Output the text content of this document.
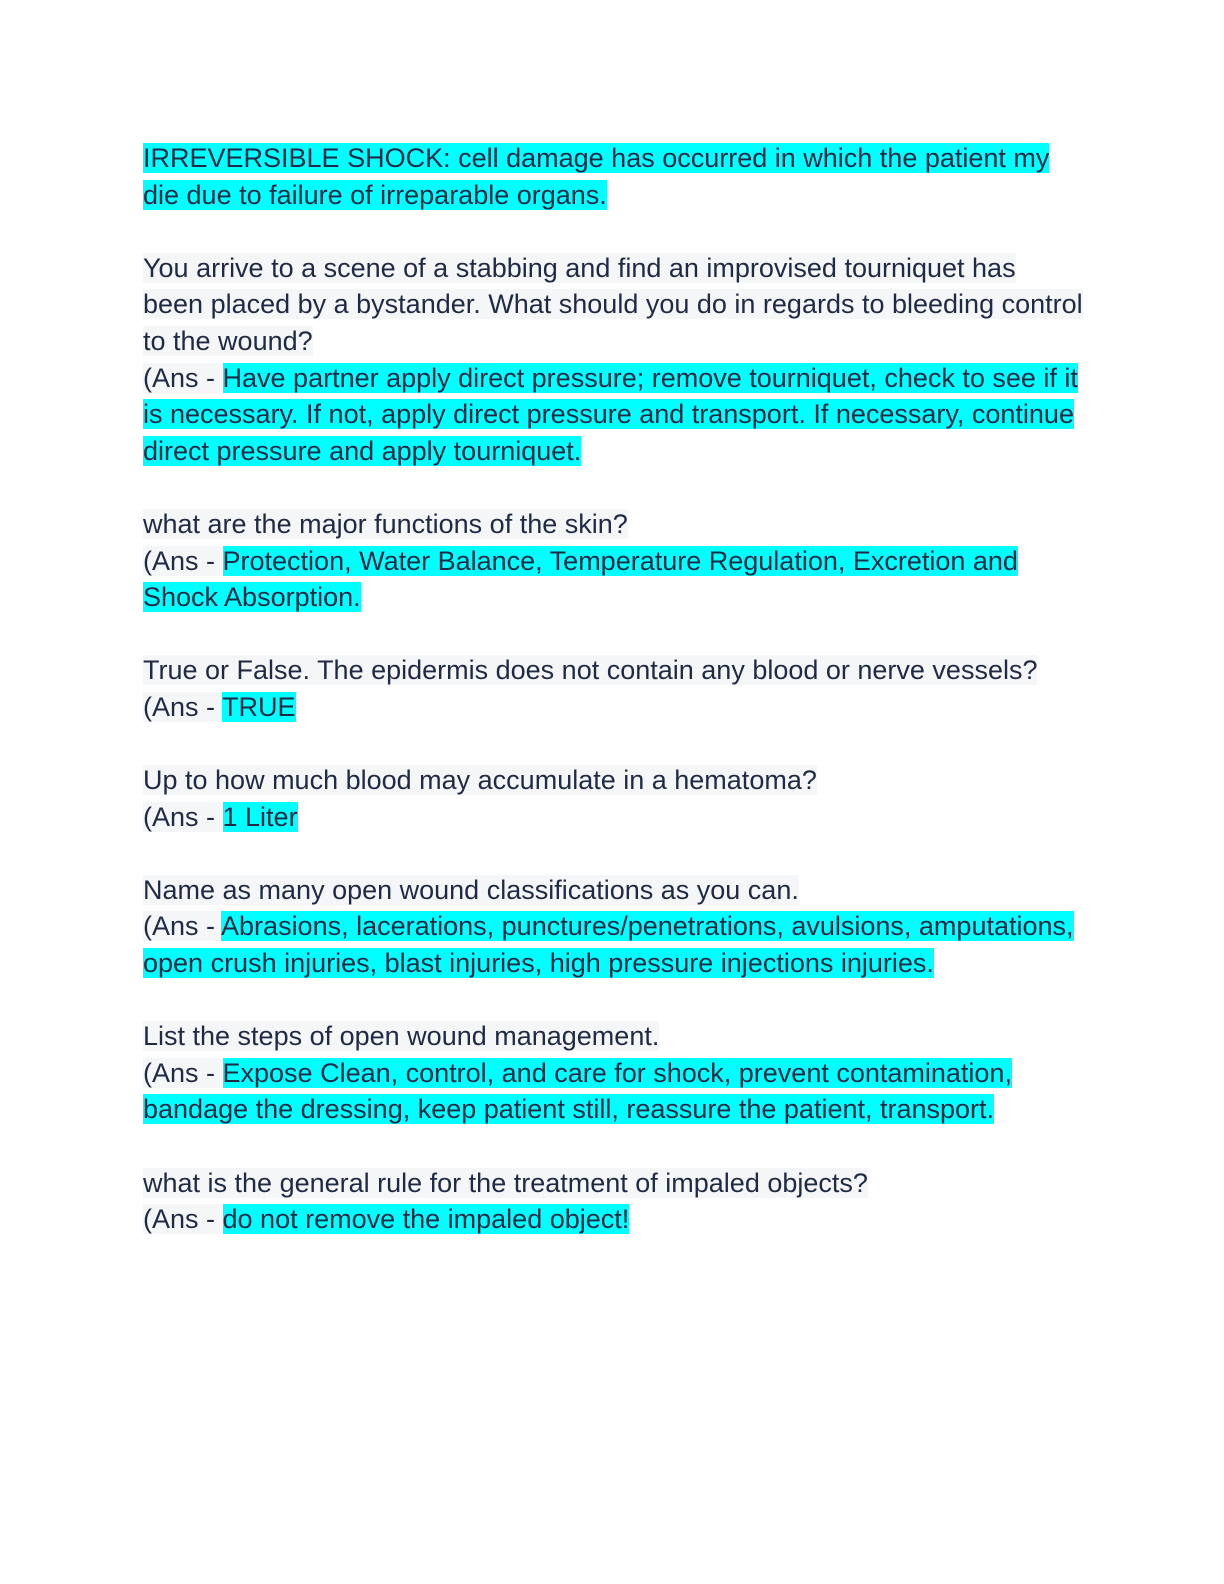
IRREVERSIBLE SHOCK: cell damage has occurred in which the patient my die due to failure of irreparable organs.

You arrive to a scene of a stabbing and find an improvised tourniquet has been placed by a bystander. What should you do in regards to bleeding control to the wound?
(Ans - Have partner apply direct pressure; remove tourniquet, check to see if it is necessary. If not, apply direct pressure and transport. If necessary, continue direct pressure and apply tourniquet.

what are the major functions of the skin?
(Ans - Protection, Water Balance, Temperature Regulation, Excretion and Shock Absorption.

True or False. The epidermis does not contain any blood or nerve vessels?
(Ans - TRUE

Up to how much blood may accumulate in a hematoma?
(Ans - 1 Liter

Name as many open wound classifications as you can.
(Ans - Abrasions, lacerations, punctures/penetrations, avulsions, amputations, open crush injuries, blast injuries, high pressure injections injuries.

List the steps of open wound management.
(Ans - Expose Clean, control, and care for shock, prevent contamination, bandage the dressing, keep patient still, reassure the patient, transport.

what is the general rule for the treatment of impaled objects?
(Ans - do not remove the impaled object!
